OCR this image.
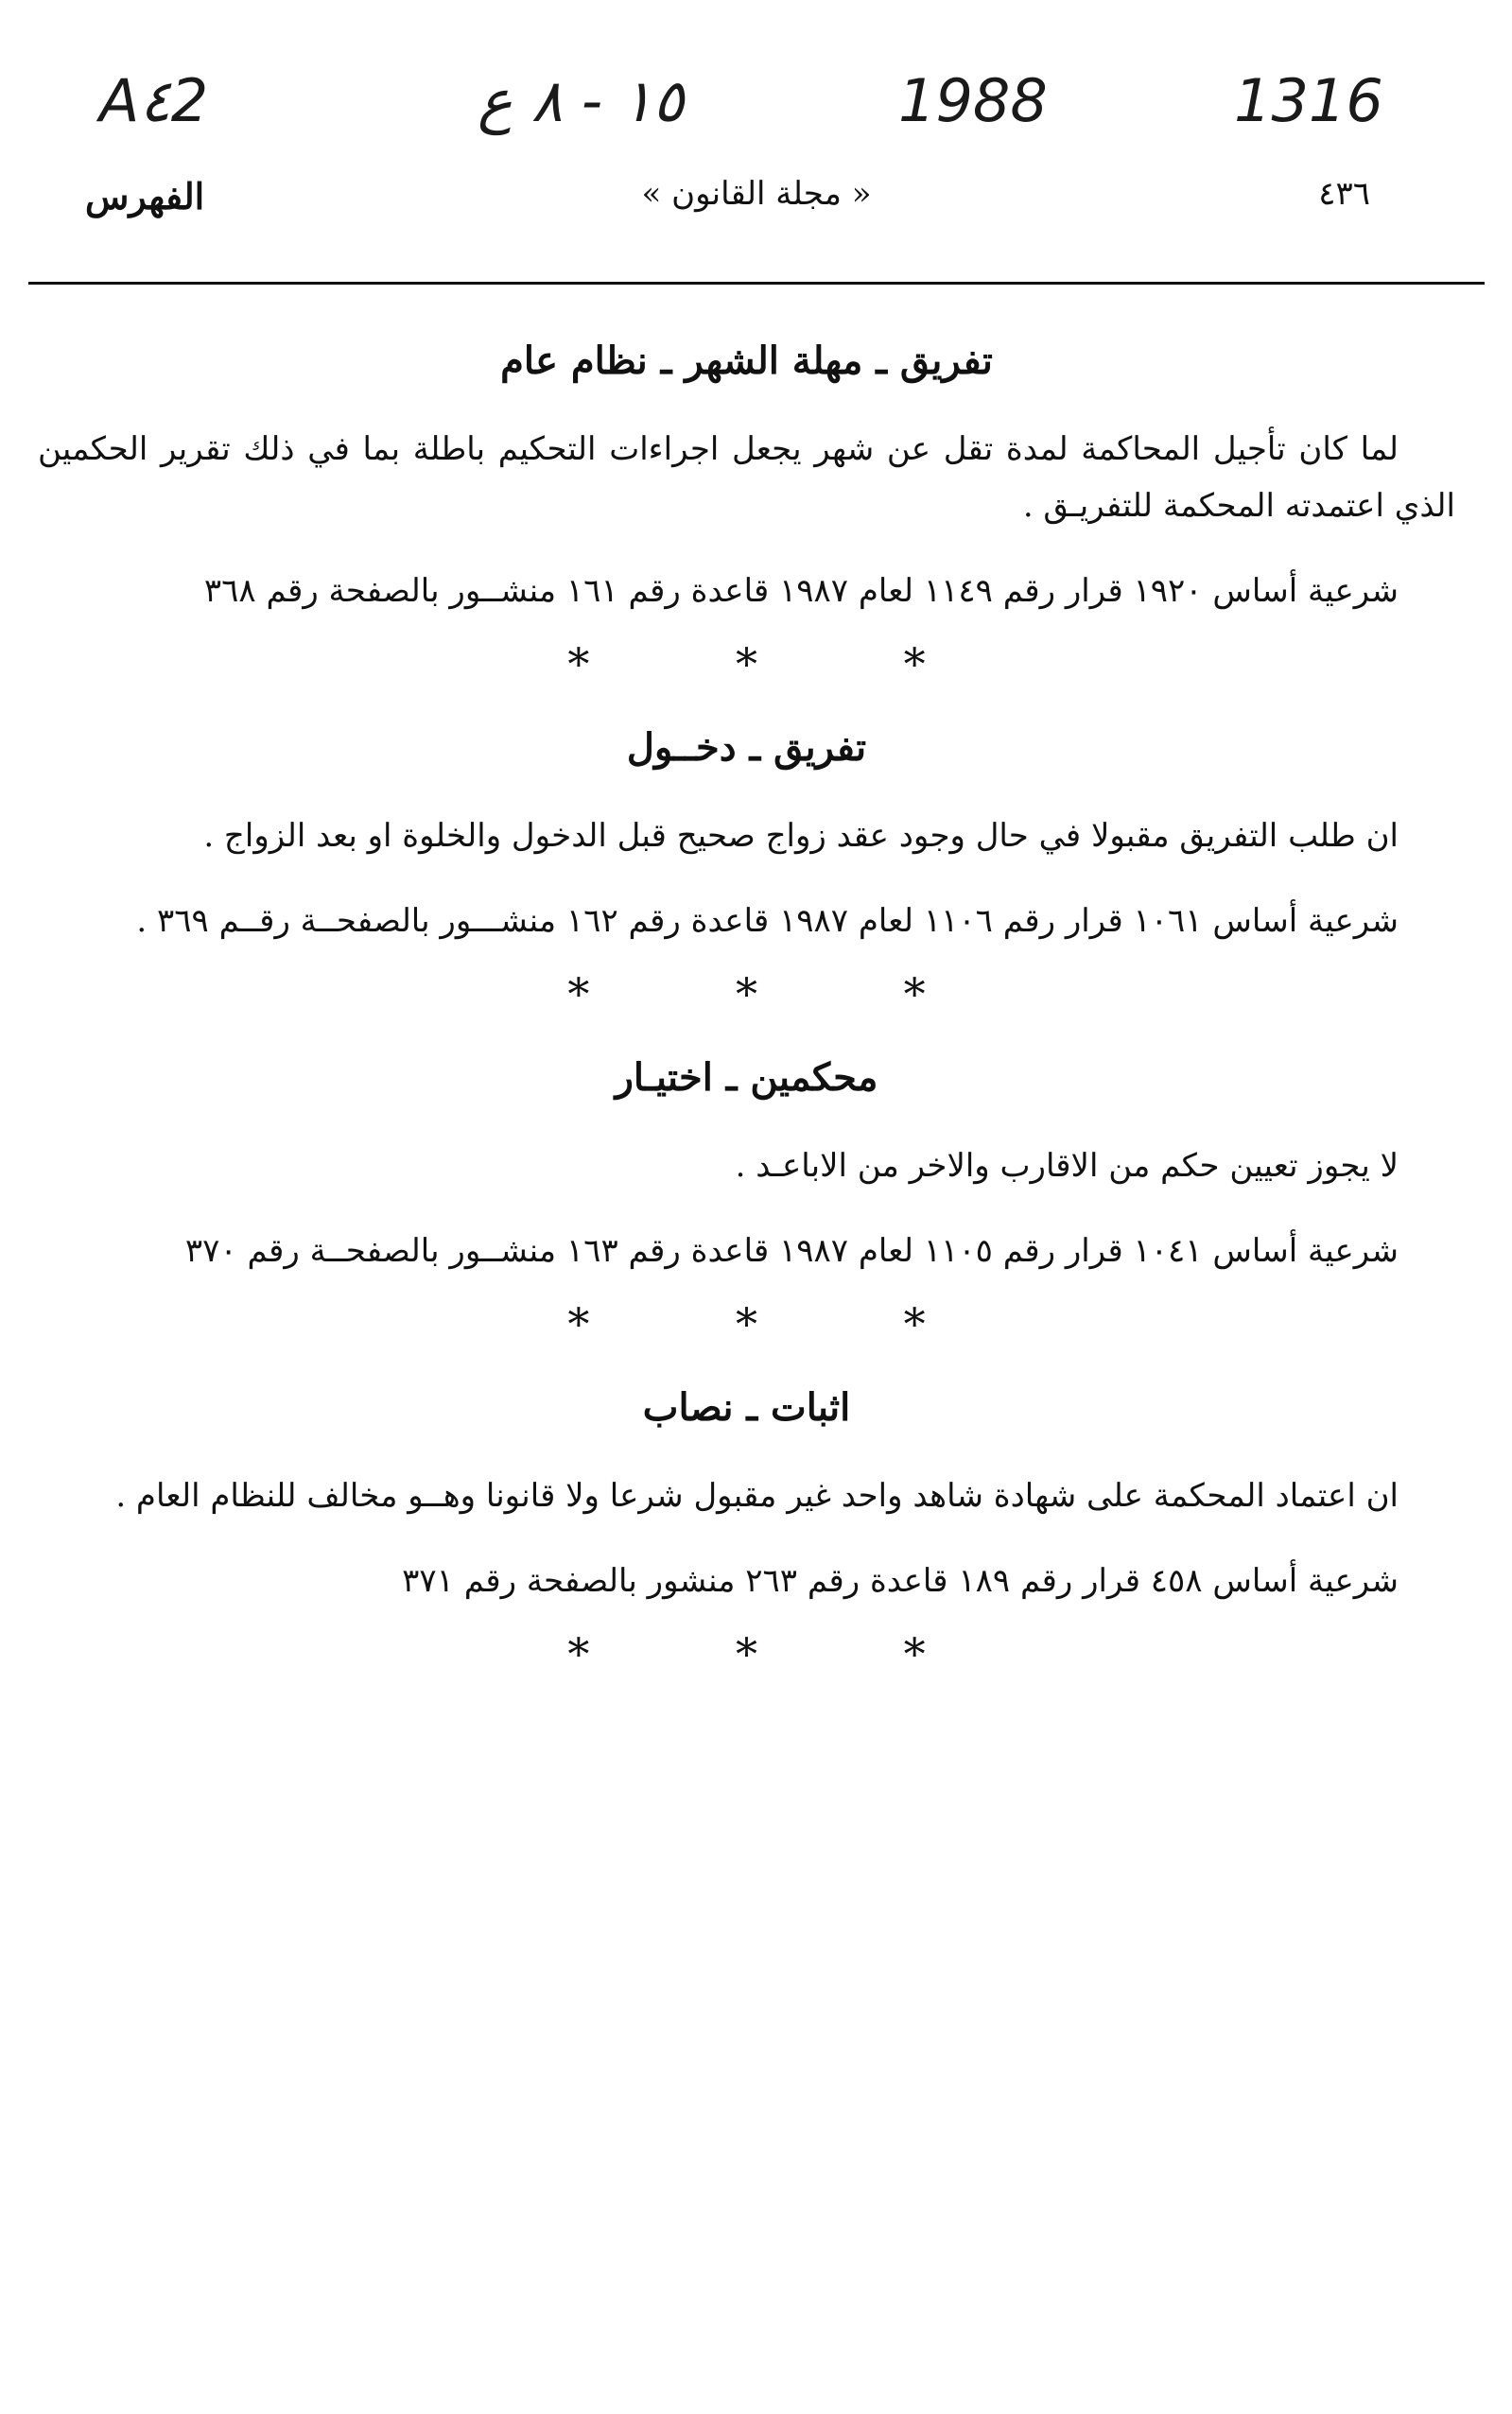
A٤2	١٥ - ٨ ع	1988	1316
الفهرس	« مجلة القانون »	٤٣٦
تفريق ـ مهلة الشهر ـ نظام عام

لما كان تأجيل المحاكمة لمدة تقل عن شهر يجعل اجراءات التحكيم باطلة بما في ذلك تقرير الحكمين الذي اعتمدته المحكمة للتفريـق .

شرعية أساس ١٩٢٠ قرار رقم ١١٤٩ لعام ١٩٨٧ قاعدة رقم ١٦١ منشــور بالصفحة رقم ٣٦٨

* * *
تفريق ـ دخــول

ان طلب التفريق مقبولا في حال وجود عقد زواج صحيح قبل الدخول والخلوة او بعد الزواج .

شرعية أساس ١٠٦١ قرار رقم ١١٠٦ لعام ١٩٨٧ قاعدة رقم ١٦٢ منشـــور بالصفحــة رقــم ٣٦٩ .

* * *
محكمين ـ اختيـار

لا يجوز تعيين حكم من الاقارب والاخر من الاباعـد .

شرعية أساس ١٠٤١ قرار رقم ١١٠٥ لعام ١٩٨٧ قاعدة رقم ١٦٣ منشــور بالصفحــة رقم ٣٧٠

* * *
اثبات ـ نصاب

ان اعتماد المحكمة على شهادة شاهد واحد غير مقبول شرعا ولا قانونا وهــو مخالف للنظام العام .

شرعية أساس ٤٥٨ قرار رقم ١٨٩ قاعدة رقم ٢٦٣ منشور بالصفحة رقم ٣٧١

* * *
